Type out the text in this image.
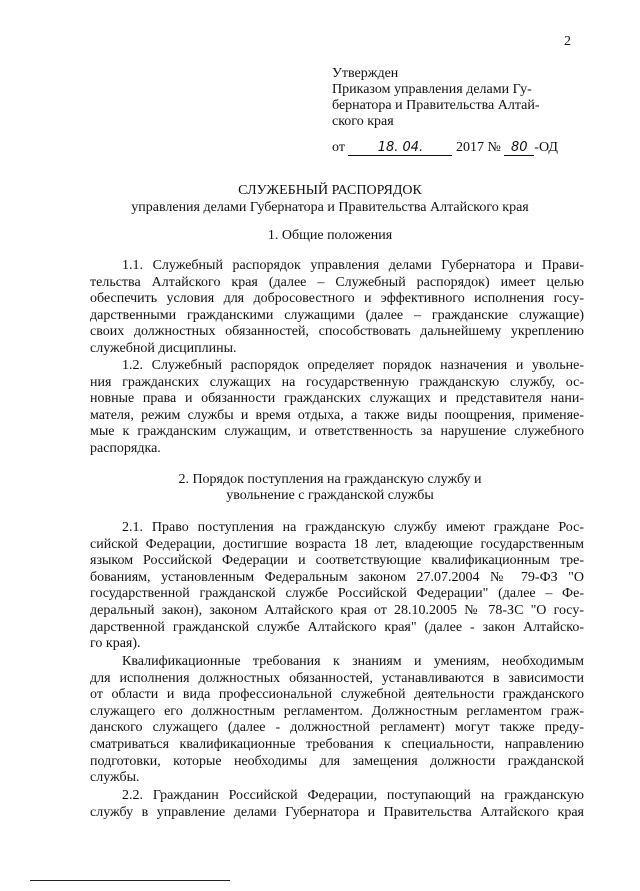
2
Утвержден
Приказом управления делами Гу-
бернатора и Правительства Алтай-
ского края
от	18. 04. 2017 № 80 -ОД
СЛУЖЕБНЫЙ РАСПОРЯДОК
управления делами Губернатора и Правительства Алтайского края
1. Общие положения
1.1. Служебный распорядок управления делами Губернатора и Прави-
тельства Алтайского края (далее – Служебный распорядок) имеет целью
обеспечить условия для добросовестного и эффективного исполнения госу-
дарственными гражданскими служащими (далее – гражданские служащие)
своих должностных обязанностей, способствовать дальнейшему укреплению
служебной дисциплины.
1.2. Служебный распорядок определяет порядок назначения и увольне-
ния гражданских служащих на государственную гражданскую службу, ос-
новные права и обязанности гражданских служащих и представителя нани-
мателя, режим службы и время отдыха, а также виды поощрения, применяе-
мые к гражданским служащим, и ответственность за нарушение служебного
распорядка.
2. Порядок поступления на гражданскую службу и
увольнение с гражданской службы
2.1. Право поступления на гражданскую службу имеют граждане Рос-
сийской Федерации, достигшие возраста 18 лет, владеющие государственным
языком Российской Федерации и соответствующие квалификационным тре-
бованиям, установленным Федеральным законом 27.07.2004 № 79-ФЗ "О
государственной гражданской службе Российской Федерации" (далее – Фе-
деральный закон), законом Алтайского края от 28.10.2005 № 78-ЗС "О госу-
дарственной гражданской службе Алтайского края" (далее - закон Алтайско-
го края).
Квалификационные требования к знаниям и умениям, необходимым
для исполнения должностных обязанностей, устанавливаются в зависимости
от области и вида профессиональной служебной деятельности гражданского
служащего его должностным регламентом. Должностным регламентом граж-
данского служащего (далее - должностной регламент) могут также преду-
сматриваться квалификационные требования к специальности, направлению
подготовки, которые необходимы для замещения должности гражданской
службы.
2.2. Гражданин Российской Федерации, поступающий на гражданскую
службу в управление делами Губернатора и Правительства Алтайского края
